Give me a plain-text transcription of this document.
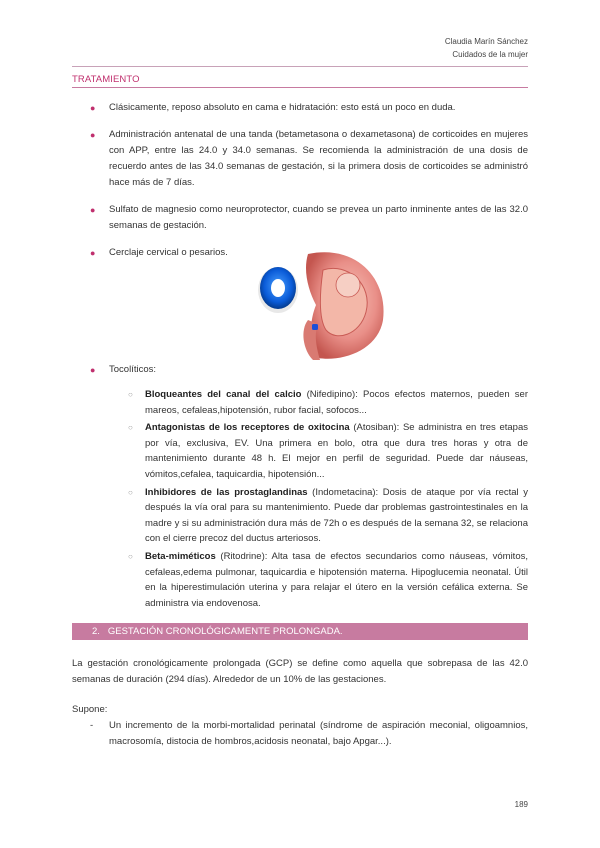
Claudia Marín Sánchez
Cuidados de la mujer
TRATAMIENTO
● Clásicamente, reposo absoluto en cama e hidratación: esto está un poco en duda.
● Administración antenatal de una tanda (betametasona o dexametasona) de corticoides en mujeres con APP, entre las 24.0 y 34.0 semanas. Se recomienda la administración de una dosis de recuerdo antes de las 34.0 semanas de gestación, si la primera dosis de corticoides se administró hace más de 7 días.
● Sulfato de magnesio como neuroprotector, cuando se prevea un parto inminente antes de las 32.0 semanas de gestación.
● Cerclaje cervical o pesarios.
● Tocolíticos:
○ Bloqueantes del canal del calcio (Nifedipino): Pocos efectos maternos, pueden ser mareos, cefaleas,hipotensión, rubor facial, sofocos...
○ Antagonistas de los receptores de oxitocina (Atosiban): Se administra en tres etapas por vía, exclusiva, EV. Una primera en bolo, otra que dura tres horas y otra de mantenimiento durante 48 h. El mejor en perfil de seguridad. Puede dar náuseas, vómitos,cefalea, taquicardia, hipotensión...
○ Inhibidores de las prostaglandinas (Indometacina): Dosis de ataque por vía rectal y después la vía oral para su mantenimiento. Puede dar problemas gastrointestinales en la madre y si su administración dura más de 72h o es después de la semana 32, se relaciona con el cierre precoz del ductus arteriosos.
○ Beta-miméticos (Ritodrine): Alta tasa de efectos secundarios como náuseas, vómitos, cefaleas,edema pulmonar, taquicardia e hipotensión materna. Hipoglucemia neonatal. Útil en la hiperestimulación uterina y para relajar el útero en la versión cefálica externa. Se administra via endovenosa.
2. GESTACIÓN CRONOLÓGICAMENTE PROLONGADA.
La gestación cronológicamente prolongada (GCP) se define como aquella que sobrepasa de las 42.0 semanas de duración (294 días). Alrededor de un 10% de las gestaciones.
Supone:
-	Un incremento de la morbi-mortalidad perinatal (síndrome de aspiración meconial, oligoamnios, macrosomía, distocia de hombros,acidosis neonatal, bajo Apgar...).
189
